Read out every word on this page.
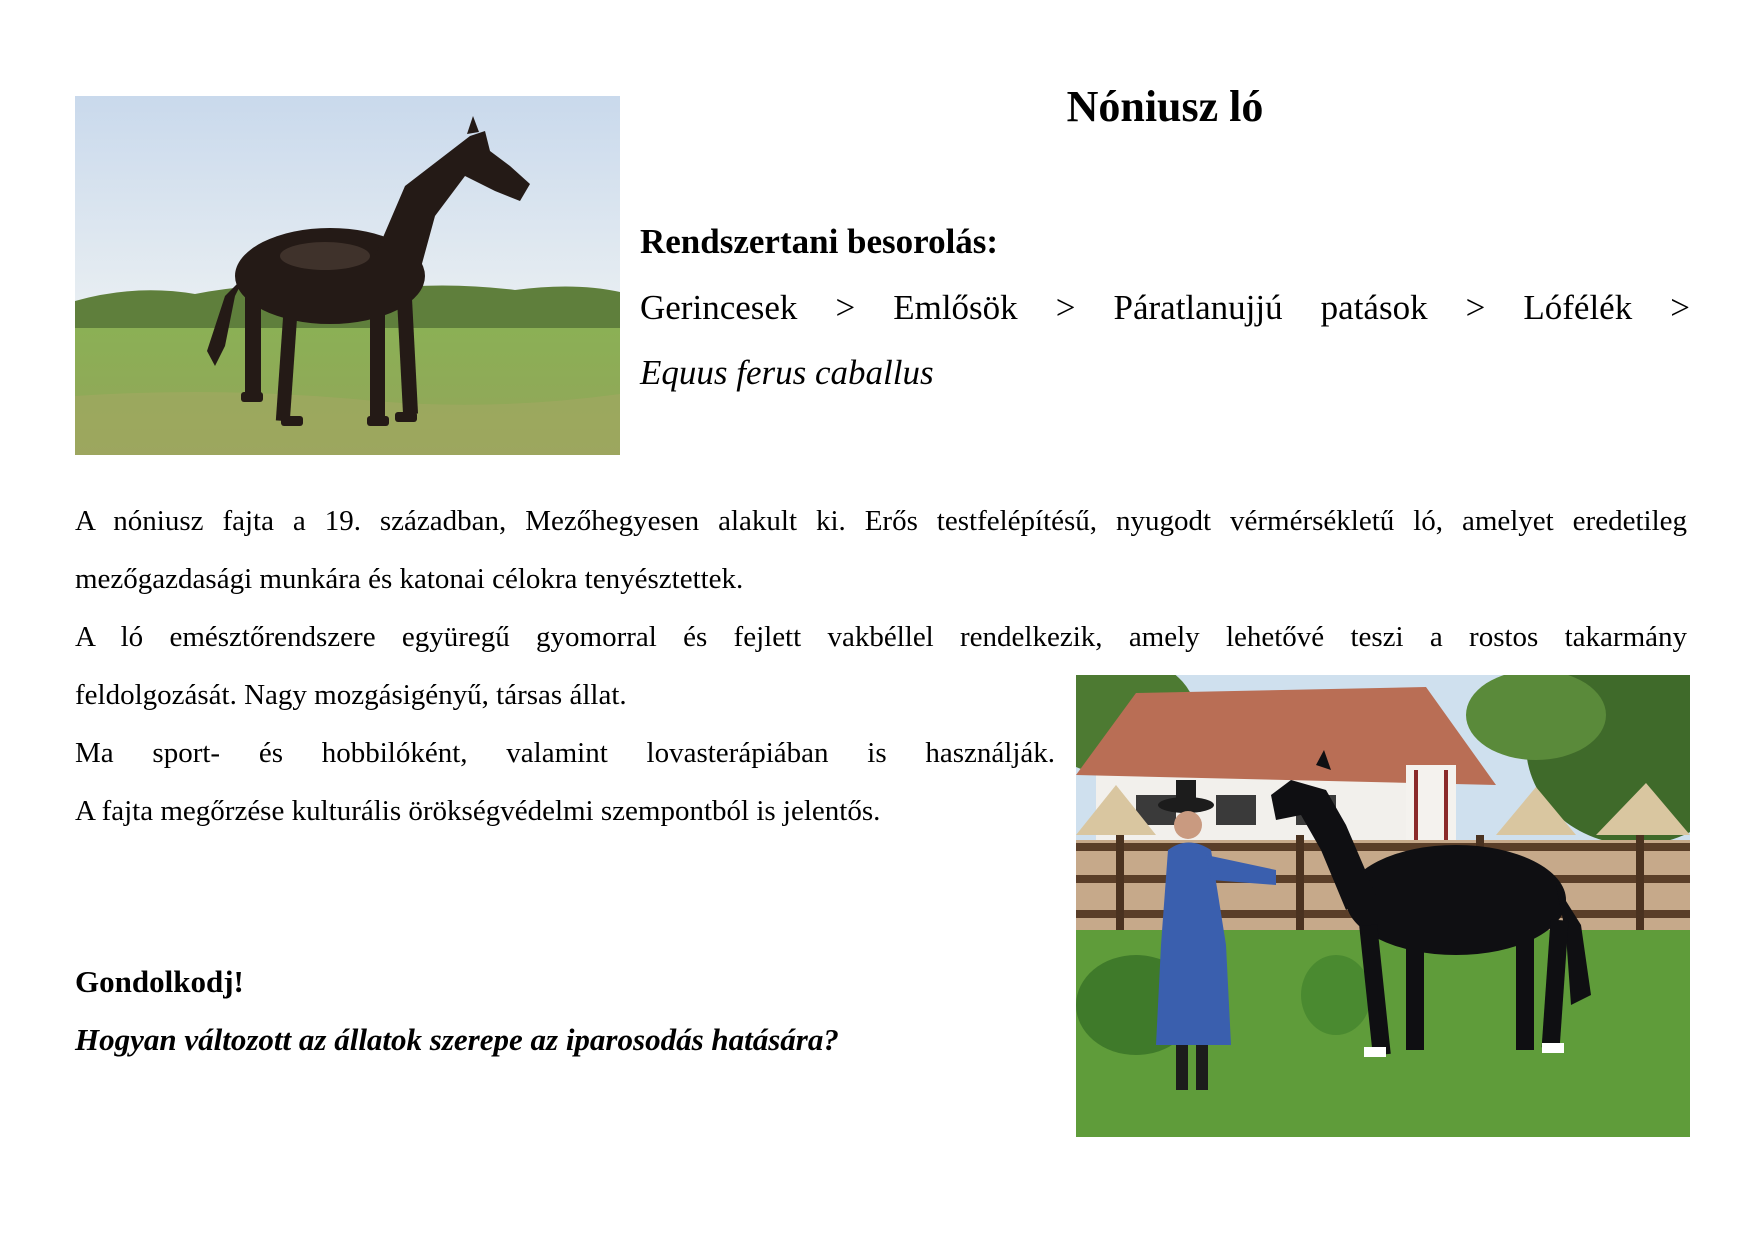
Nóniusz ló
Rendszertani besorolás:
Gerincesek > Emlősök > Páratlanujjú patások > Lófélék >

Equus ferus caballus

A nóniusz fajta a 19. században, Mezőhegyesen alakult ki. Erős testfelépítésű, nyugodt vérmérsékletű ló, amelyet eredetileg mezőgazdasági munkára és katonai célokra tenyésztettek.

A ló emésztőrendszere együregű gyomorral és fejlett vakbéllel rendelkezik, amely lehetővé teszi a rostos takarmány

feldolgozását. Nagy mozgásigényű, társas állat.

Ma sport- és hobbilóként, valamint lovasterápiában is használják.

A fajta megőrzése kulturális örökségvédelmi szempontból is jelentős.

Gondolkodj!

Hogyan változott az állatok szerepe az iparosodás hatására?
